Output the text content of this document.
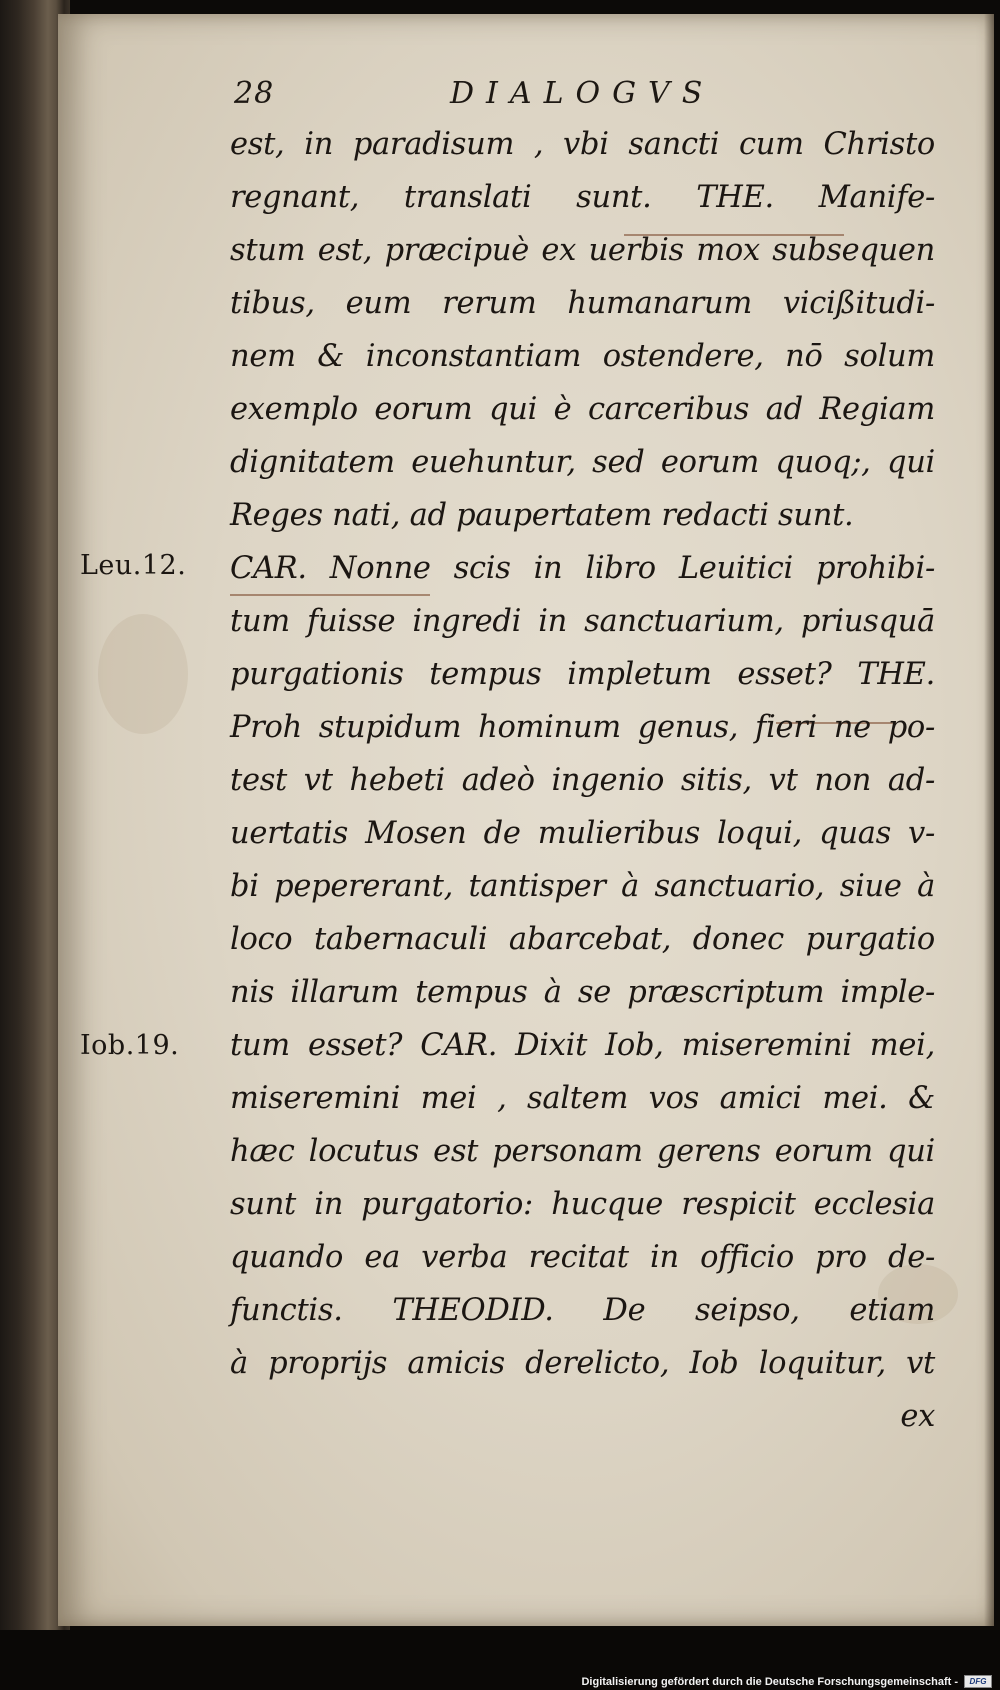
28	DIALOGVS
Leu.12.
Iob.19.
est, in paradisum , vbi sancti cum Christo
regnant, translati sunt. THE. Manife-
stum est, præcipuè ex uerbis mox subsequen
tibus, eum rerum humanarum vicißitudi-
nem & inconstantiam ostendere, nō solum
exemplo eorum qui è carceribus ad Regiam
dignitatem euehuntur, sed eorum quoq;, qui
Reges nati, ad paupertatem redacti sunt.
CAR. Nonne scis in libro Leuitici prohibi-
tum fuisse ingredi in sanctuarium, priusquā
purgationis tempus impletum esset? THE.
Proh stupidum hominum genus, fieri ne po-
test vt hebeti adeò ingenio sitis, vt non ad-
uertatis Mosen de mulieribus loqui, quas v-
bi pepererant, tantisper à sanctuario, siue à
loco tabernaculi abarcebat, donec purgatio
nis illarum tempus à se præscriptum imple-
tum esset? CAR. Dixit Iob, miseremini mei,
miseremini mei , saltem vos amici mei. &
hæc locutus est personam gerens eorum qui
sunt in purgatorio: hucque respicit ecclesia
quando ea verba recitat in officio pro de-
functis. THEODID. De seipso, etiam
à proprijs amicis derelicto, Iob loquitur, vt
ex
Digitalisierung gefördert durch die Deutsche Forschungsgemeinschaft -	DFG
